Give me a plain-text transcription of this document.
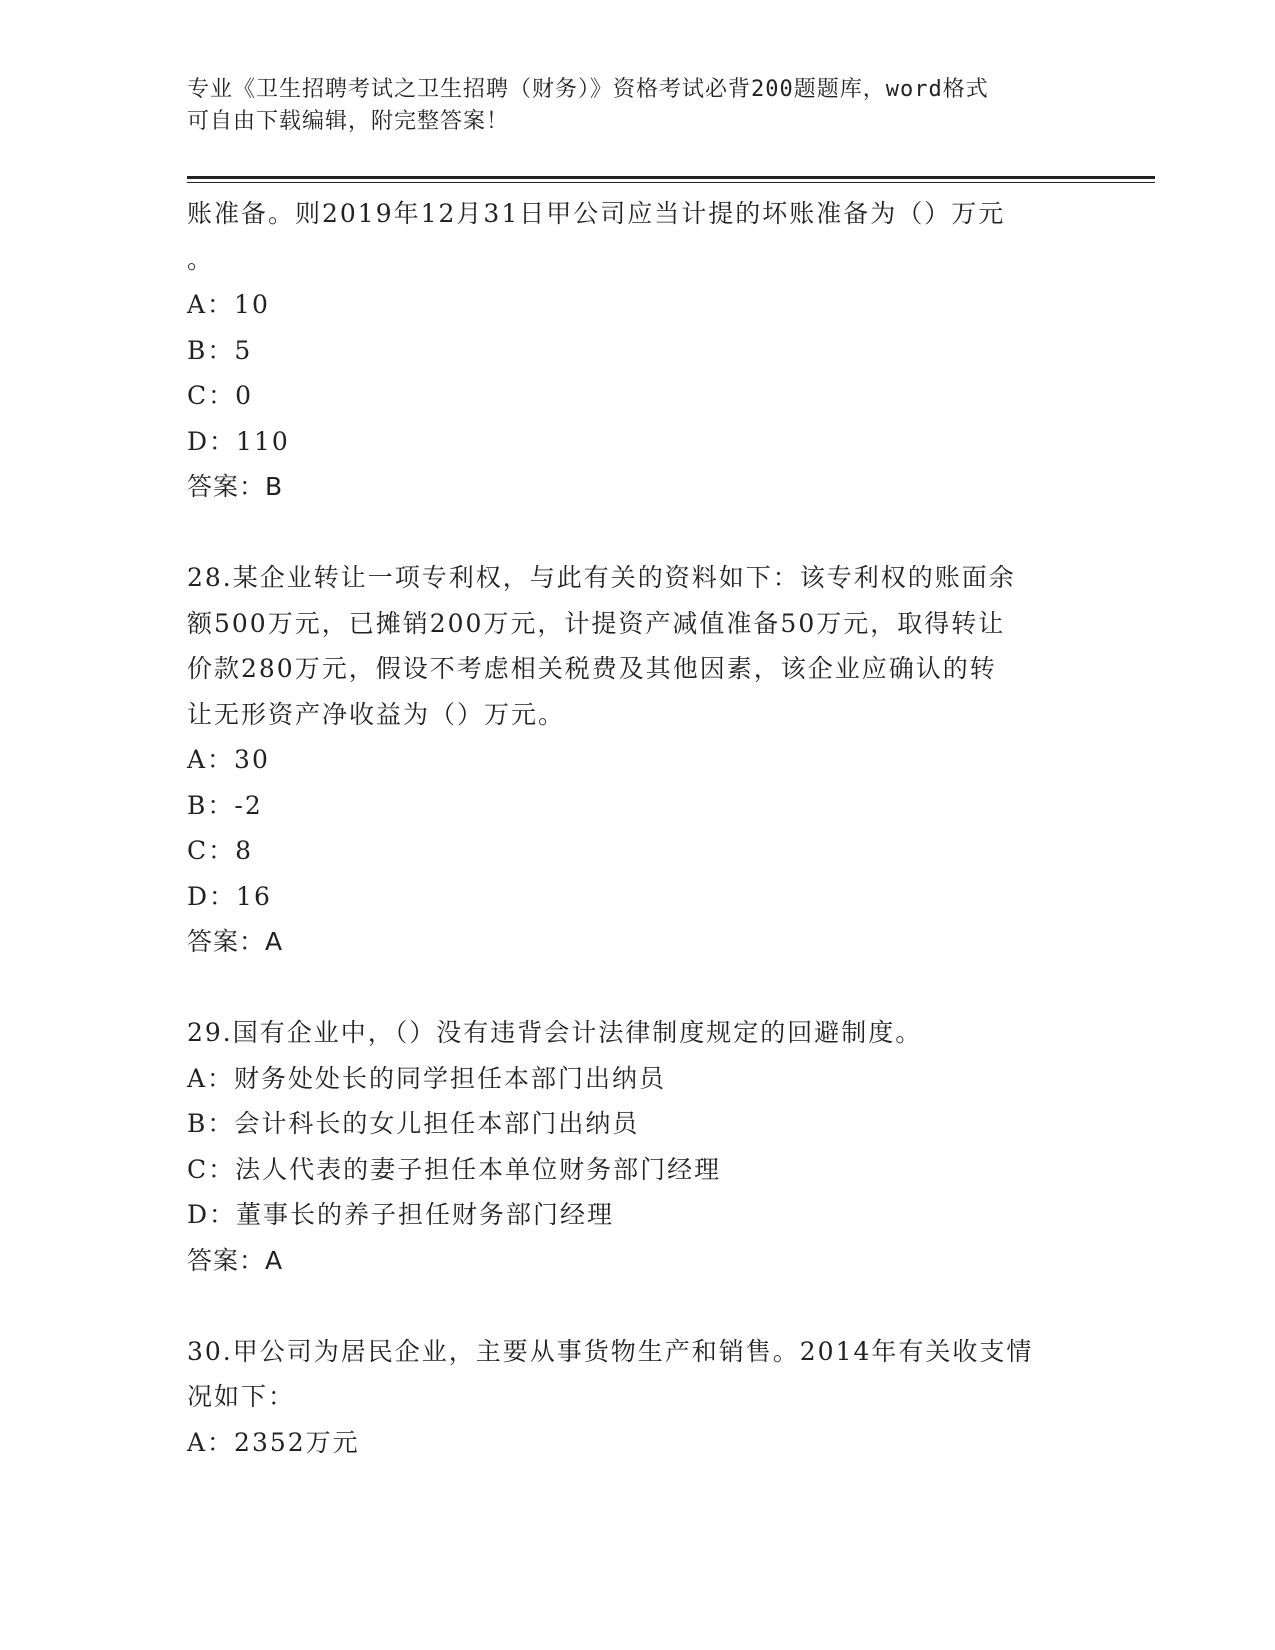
专业《卫生招聘考试之卫生招聘（财务）》资格考试必背200题题库，word格式
可自由下载编辑，附完整答案！

账准备。则2019年12月31日甲公司应当计提的坏账准备为（）万元

。

A：10

B：5

C：0

D：110

答案：B

28.某企业转让一项专利权，与此有关的资料如下：该专利权的账面余

额500万元，已摊销200万元，计提资产减值准备50万元，取得转让

价款280万元，假设不考虑相关税费及其他因素，该企业应确认的转

让无形资产净收益为（）万元。

A：30

B：-2

C：8

D：16

答案：A

29.国有企业中，（）没有违背会计法律制度规定的回避制度。

A：财务处处长的同学担任本部门出纳员

B：会计科长的女儿担任本部门出纳员

C：法人代表的妻子担任本单位财务部门经理

D：董事长的养子担任财务部门经理

答案：A

30.甲公司为居民企业，主要从事货物生产和销售。2014年有关收支情

况如下：

A：2352万元
